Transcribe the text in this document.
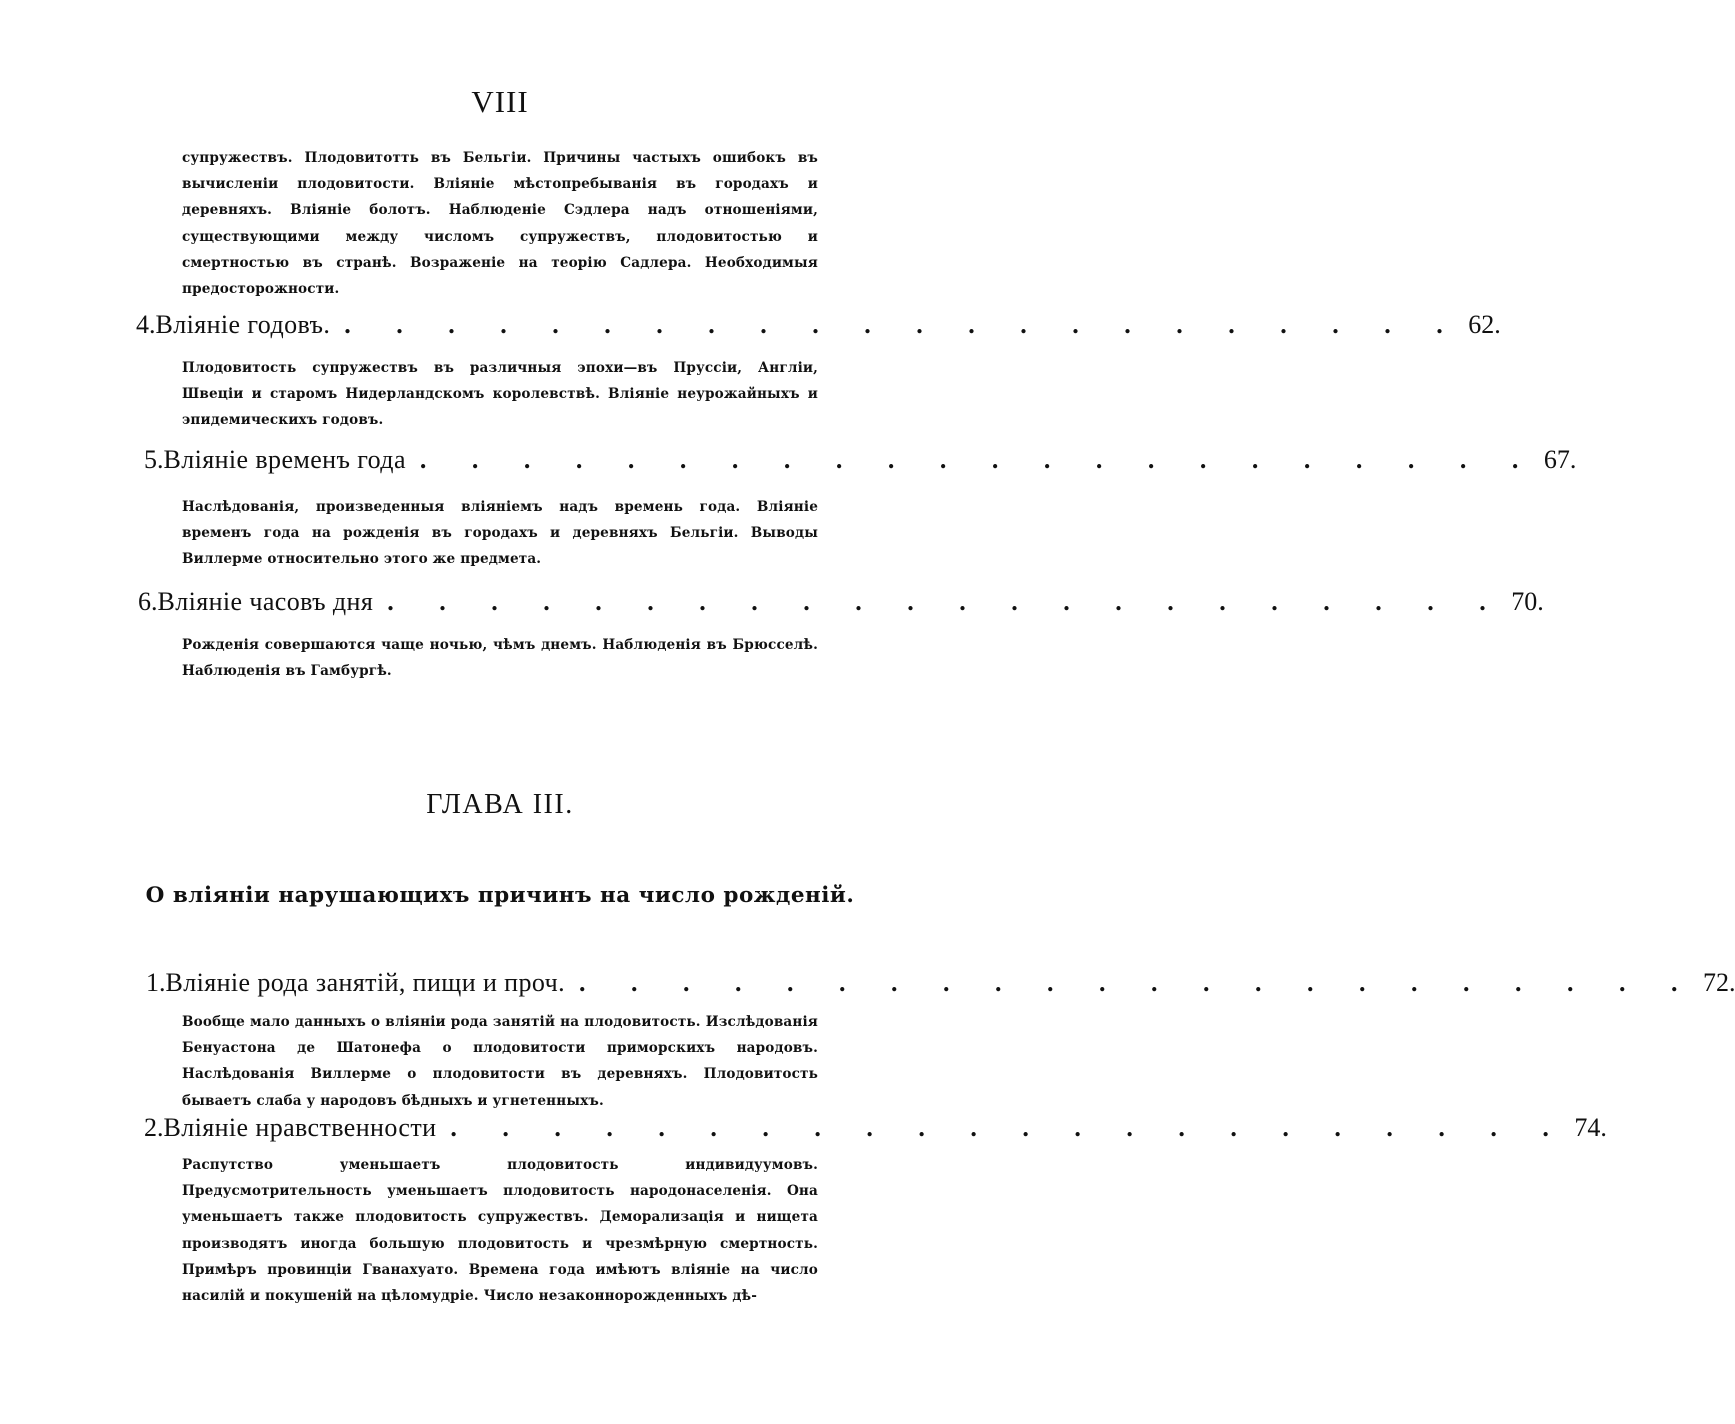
VIII
супружествъ. Плодовитотть въ Бельгіи. Причины частыхъ ошибокъ въ вычисленіи плодовитости. Вліяніе мѣстопребыванія въ городахъ и деревняхъ. Вліяніе болотъ. Наблюденіе Сэдлера надъ отношеніями, существующими между числомъ супружествъ, плодовитостью и смертностью въ странѣ. Возраженіе на теорію Садлера. Необходимыя предосторожности.
4. Вліяніе годовъ. . . . . . . . . . . . . . . . . . . . . . . 62.
Плодовитость супружествъ въ различныя эпохи—въ Пруссіи, Англіи, Швеціи и старомъ Нидерландскомъ королевствѣ. Вліяніе неурожайныхъ и эпидемическихъ годовъ.
5. Вліяніе временъ года . . . . . . . . . . . . . . . . . . . . . . 67.
Наслѣдованія, произведенныя вліяніемъ надъ времень года. Вліяніе временъ года на рожденія въ городахъ и деревняхъ Бельгіи. Выводы Виллерме относительно этого же предмета.
6. Вліяніе часовъ дня . . . . . . . . . . . . . . . . . . . . . . 70.
Рожденія совершаются чаще ночью, чѣмъ днемъ. Наблюденія въ Брюсселѣ. Наблюденія въ Гамбургѣ.
ГЛАВА III.
О вліяніи нарушающихъ причинъ на число рожденій.
1. Вліяніе рода занятій, пищи и проч. . . . . . . . . . . . . . . . . . . . . . . 72.
Вообще мало данныхъ о вліяніи рода занятій на плодовитость. Изслѣдованія Бенуастона де Шатонефа о плодовитости приморскихъ народовъ. Наслѣдованія Виллерме о плодовитости въ деревняхъ. Плодовитость бываетъ слаба у народовъ бѣдныхъ и угнетенныхъ.
2. Вліяніе нравственности . . . . . . . . . . . . . . . . . . . . . . 74.
Распутство уменьшаетъ плодовитость индивидуумовъ. Предусмотрительность уменьшаетъ плодовитость народонаселенія. Она уменьшаетъ также плодовитость супружествъ. Деморализація и нищета производятъ иногда большую плодовитость и чрезмѣрную смертность. Примѣръ провинціи Гванахуато. Времена года имѣютъ вліяніе на число насилій и покушеній на цѣломудріе. Число незаконнорожденныхъ дѣ-
